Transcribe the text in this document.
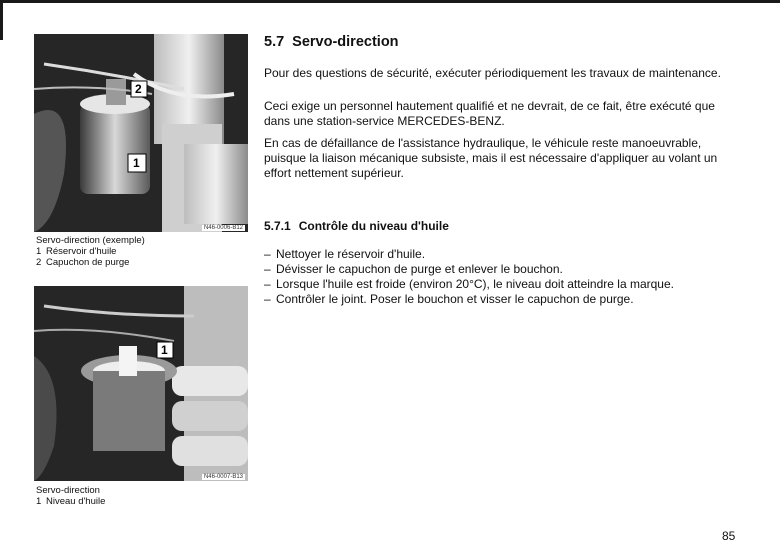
1
2
N46-0006-B12
Servo-direction (exemple)
1 Réservoir d'huile
2 Capuchon de purge
1
N46-0007-B13
Servo-direction
1 Niveau d'huile
5.7 Servo-direction

Pour des questions de sécurité, exécuter périodiquement les travaux de maintenance.

Ceci exige un personnel hautement qualifié et ne devrait, de ce fait, être exécuté que dans une station-service MERCEDES-BENZ.

En cas de défaillance de l'assistance hydraulique, le véhicule reste manoeuvrable, puisque la liaison mécanique subsiste, mais il est nécessaire d'appliquer au volant un effort nettement supérieur.

5.7.1 Contrôle du niveau d'huile
– Nettoyer le réservoir d'huile.
– Dévisser le capuchon de purge et enlever le bouchon.
– Lorsque l'huile est froide (environ 20°C), le niveau doit atteindre la marque.
– Contrôler le joint. Poser le bouchon et visser le capuchon de purge.
85
